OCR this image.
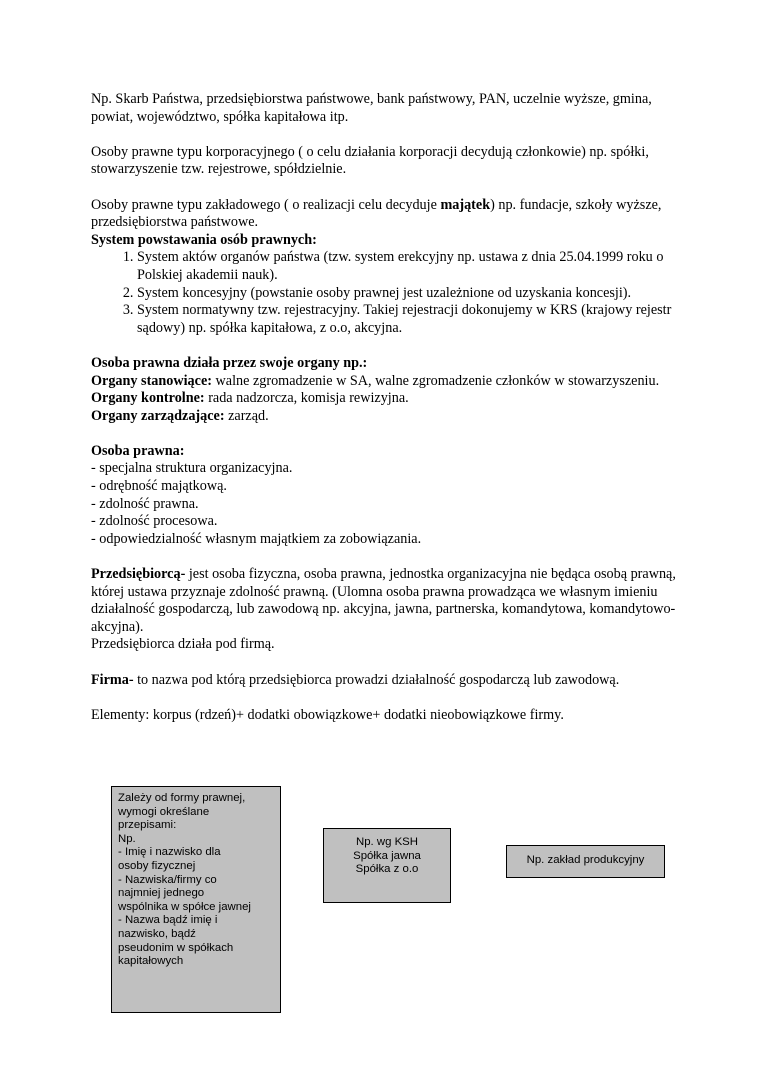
Np. Skarb Państwa, przedsiębiorstwa państwowe, bank państwowy, PAN, uczelnie wyższe, gmina, powiat, województwo, spółka kapitałowa itp.

Osoby prawne typu korporacyjnego ( o celu działania korporacji decydują członkowie) np. spółki, stowarzyszenie tzw. rejestrowe, spółdzielnie.

Osoby prawne typu zakładowego ( o realizacji celu decyduje majątek) np. fundacje, szkoły wyższe, przedsiębiorstwa państwowe.

System powstawania osób prawnych:

1. System aktów organów państwa (tzw. system erekcyjny np. ustawa z dnia 25.04.1999 roku o Polskiej akademii nauk).
2. System koncesyjny (powstanie osoby prawnej jest uzależnione od uzyskania koncesji).
3. System normatywny tzw. rejestracyjny. Takiej rejestracji dokonujemy w KRS (krajowy rejestr sądowy) np. spółka kapitałowa, z o.o, akcyjna.

Osoba prawna działa przez swoje organy np.:

Organy stanowiące: walne zgromadzenie w SA, walne zgromadzenie członków w stowarzyszeniu.

Organy kontrolne: rada nadzorcza, komisja rewizyjna.

Organy zarządzające: zarząd.

Osoba prawna:

- specjalna struktura organizacyjna.

- odrębność majątkową.

- zdolność prawna.

- zdolność procesowa.

- odpowiedzialność własnym majątkiem za zobowiązania.

Przedsiębiorcą- jest osoba fizyczna, osoba prawna, jednostka organizacyjna nie będąca osobą prawną, której ustawa przyznaje zdolność prawną. (Ulomna osoba prawna prowadząca we własnym imieniu działalność gospodarczą, lub zawodową np. akcyjna, jawna, partnerska, komandytowa, komandytowo-akcyjna).

Przedsiębiorca działa pod firmą.

Firma- to nazwa pod którą przedsiębiorca prowadzi działalność gospodarczą lub zawodową.

Elementy: korpus (rdzeń)+ dodatki obowiązkowe+ dodatki nieobowiązkowe firmy.

Zależy od formy prawnej,
wymogi określane
przepisami:
Np.
- Imię i nazwisko dla
osoby fizycznej
- Nazwiska/firmy co
najmniej jednego
wspólnika w spółce jawnej
- Nazwa bądź imię i
nazwisko, bądź
pseudonim w spółkach
kapitałowych
Np. wg KSH
Spółka jawna
Spółka z o.o
Np. zakład produkcyjny
